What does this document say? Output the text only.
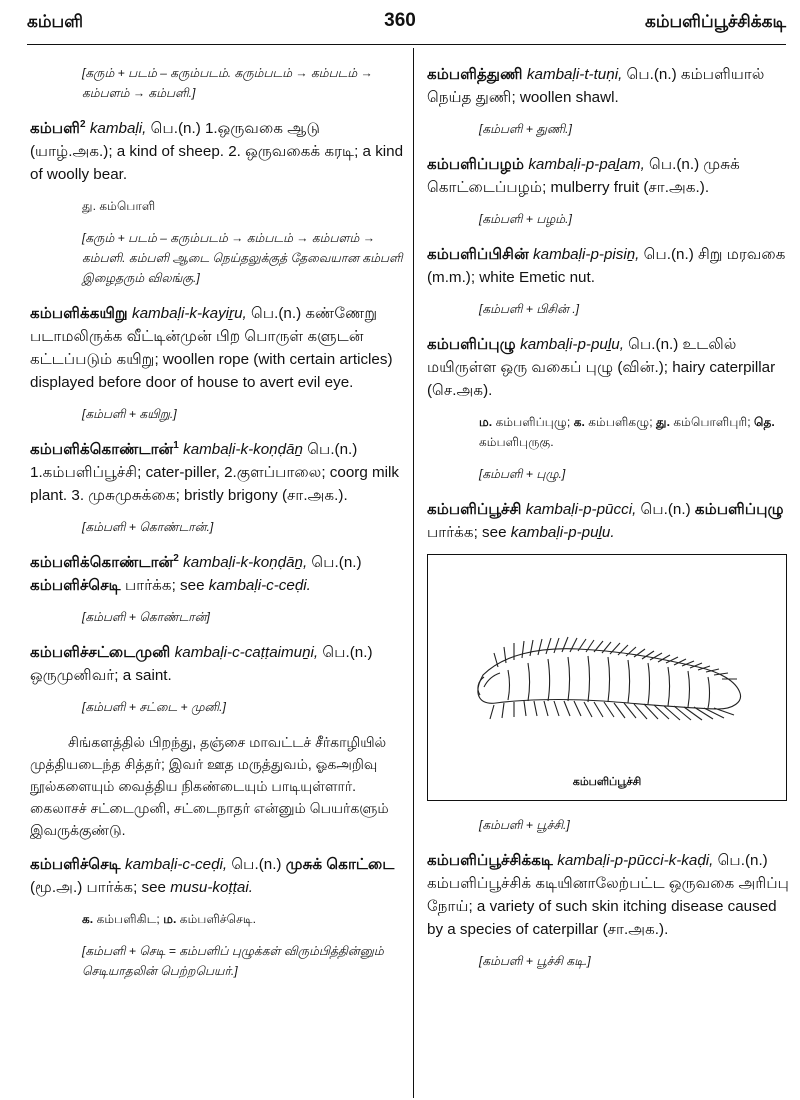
கம்பளி	360	கம்பளிப்பூச்சிக்கடி
[கரும் + படம் – கரும்படம். கரும்படம் → கம்படம் → கம்பளம் → கம்பளி.]
கம்பளி$^2$ kambaḷi, பெ.(n.) 1.ஒருவகை ஆடு (யாழ்.அக.); a kind of sheep. 2. ஒருவகைக் கரடி; a kind of woolly bear.
து. கம்பொளி
[கரும் + படம் – கரும்படம் → கம்படம் → கம்பளம் → கம்பளி. கம்பளி ஆடை நெய்தலுக்குத் தேவையான கம்பளி இழைதரும் விலங்கு.]
கம்பளிக்கயிறு kambaḷi-k-kayiṟu, பெ.(n.) கண்ணேறு படாமலிருக்க வீட்டின்முன் பிற பொருள் களுடன் கட்டப்படும் கயிறு; woollen rope (with certain articles) displayed before door of house to avert evil eye.
[கம்பளி + கயிறு.]
கம்பளிக்கொண்டான்$^1$ kambaḷi-k-koṇḍāṉ பெ.(n.) 1.கம்பளிப்பூச்சி; cater-piller, 2.குளப்பாலை; coorg milk plant. 3. முசுமுசுக்கை; bristly brigony (சா.அக.).
[கம்பளி + கொண்டான்.]
கம்பளிக்கொண்டான்$^2$ kambaḷi-k-koṇḍāṉ, பெ.(n.) கம்பளிச்செடி பார்க்க; see kambaḷi-c-ceḍi.
[கம்பளி + கொண்டான்]
கம்பளிச்சட்டைமுனி kambaḷi-c-caṭṭaimuṉi, பெ.(n.) ஒருமுனிவர்; a saint.
[கம்பளி + சட்டை + முனி.]
சிங்களத்தில் பிறந்து, தஞ்சை மாவட்டச் சீர்காழியில் முத்தியடைந்த சித்தர்; இவர் ஊத மருத்துவம், ஓகஅறிவு நூல்களையும் வைத்திய நிகண்டையும் பாடியுள்ளார். கைலாசச் சட்டைமுனி, சட்டைநாதர் என்னும் பெயர்களும் இவருக்குண்டு.
கம்பளிச்செடி kambaḷi-c-ceḍi, பெ.(n.) முசுக் கொட்டை (மூ.அ.) பார்க்க; see musu-koṭṭai.
க. கம்பளிகிட; ம. கம்பளிச்செடி.
[கம்பளி + செடி = கம்பளிப் புழுக்கள் விரும்பித்தின்னும் செடியாதலின் பெற்றபெயர்.]
கம்பளித்துணி kambaḷi-t-tuṇi, பெ.(n.) கம்பளியால் நெய்த துணி; woollen shawl.
[கம்பளி + துணி.]
கம்பளிப்பழம் kambaḷi-p-paḻam, பெ.(n.) முசுக் கொட்டைப்பழம்; mulberry fruit (சா.அக.).
[கம்பளி + பழம்.]
கம்பளிப்பிசின் kambaḷi-p-pisiṉ, பெ.(n.) சிறு மரவகை (m.m.); white Emetic nut.
[கம்பளி + பிசின் .]
கம்பளிப்புழு kambaḷi-p-puḻu, பெ.(n.) உடலில் மயிருள்ள ஒரு வகைப் புழு (வின்.); hairy caterpillar (செ.அக).
ம. கம்பளிப்புழு; க. கம்பளிகழு; து. கம்பொளிபுரி; தெ. கம்பளிபுருகு.
[கம்பளி + புழு.]
கம்பளிப்பூச்சி kambaḷi-p-pūcci, பெ.(n.) கம்பளிப்புழு பார்க்க; see kambaḷi-p-puḻu.
கம்பளிப்பூச்சி
[கம்பளி + பூச்சி.]
கம்பளிப்பூச்சிக்கடி kambaḷi-p-pūcci-k-kaḍi, பெ.(n.) கம்பளிப்பூச்சிக் கடியினாலேற்பட்ட ஒருவகை அரிப்பு நோய்; a variety of such skin itching disease caused by a species of caterpillar (சா.அக.).
[கம்பளி + பூச்சி கடி.]
